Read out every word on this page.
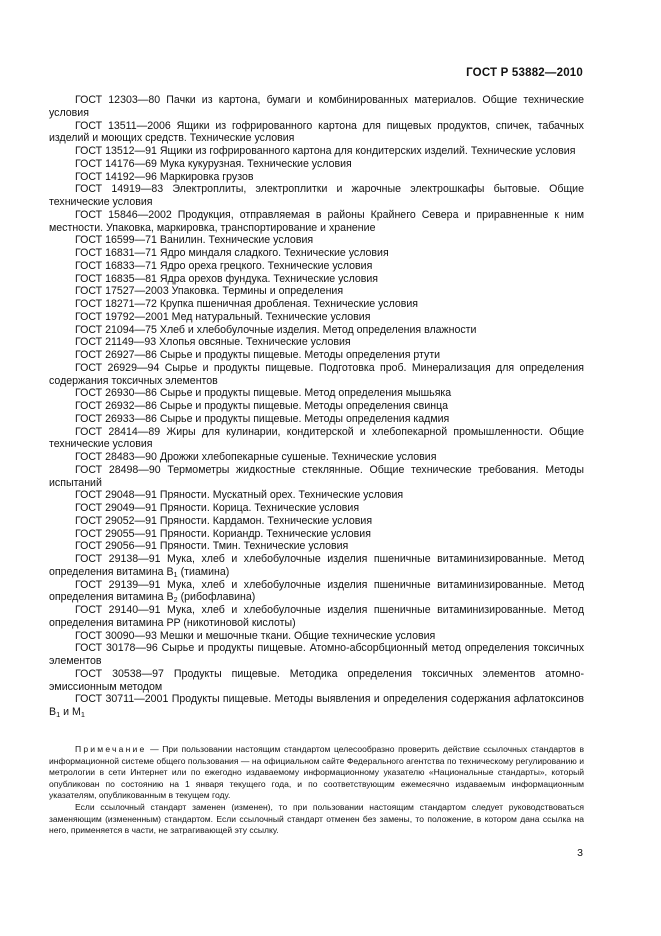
ГОСТ Р 53882—2010
ГОСТ 12303—80 Пачки из картона, бумаги и комбинированных материалов. Общие технические условия
ГОСТ 13511—2006 Ящики из гофрированного картона для пищевых продуктов, спичек, табачных изделий и моющих средств. Технические условия
ГОСТ 13512—91 Ящики из гофрированного картона для кондитерских изделий. Технические условия
ГОСТ 14176—69 Мука кукурузная. Технические условия
ГОСТ 14192—96 Маркировка грузов
ГОСТ 14919—83 Электроплиты, электроплитки и жарочные электрошкафы бытовые. Общие технические условия
ГОСТ 15846—2002 Продукция, отправляемая в районы Крайнего Севера и приравненные к ним местности. Упаковка, маркировка, транспортирование и хранение
ГОСТ 16599—71 Ванилин. Технические условия
ГОСТ 16831—71 Ядро миндаля сладкого. Технические условия
ГОСТ 16833—71 Ядро ореха грецкого. Технические условия
ГОСТ 16835—81 Ядра орехов фундука. Технические условия
ГОСТ 17527—2003 Упаковка. Термины и определения
ГОСТ 18271—72 Крупка пшеничная дробленая. Технические условия
ГОСТ 19792—2001 Мед натуральный. Технические условия
ГОСТ 21094—75 Хлеб и хлебобулочные изделия. Метод определения влажности
ГОСТ 21149—93 Хлопья овсяные. Технические условия
ГОСТ 26927—86 Сырье и продукты пищевые. Методы определения ртути
ГОСТ 26929—94 Сырье и продукты пищевые. Подготовка проб. Минерализация для определения содержания токсичных элементов
ГОСТ 26930—86 Сырье и продукты пищевые. Метод определения мышьяка
ГОСТ 26932—86 Сырье и продукты пищевые. Методы определения свинца
ГОСТ 26933—86 Сырье и продукты пищевые. Методы определения кадмия
ГОСТ 28414—89 Жиры для кулинарии, кондитерской и хлебопекарной промышленности. Общие технические условия
ГОСТ 28483—90 Дрожжи хлебопекарные сушеные. Технические условия
ГОСТ 28498—90 Термометры жидкостные стеклянные. Общие технические требования. Методы испытаний
ГОСТ 29048—91 Пряности. Мускатный орех. Технические условия
ГОСТ 29049—91 Пряности. Корица. Технические условия
ГОСТ 29052—91 Пряности. Кардамон. Технические условия
ГОСТ 29055—91 Пряности. Кориандр. Технические условия
ГОСТ 29056—91 Пряности. Тмин. Технические условия
ГОСТ 29138—91 Мука, хлеб и хлебобулочные изделия пшеничные витаминизированные. Метод определения витамина $B_1$ (тиамина)
ГОСТ 29139—91 Мука, хлеб и хлебобулочные изделия пшеничные витаминизированные. Метод определения витамина $B_2$ (рибофлавина)
ГОСТ 29140—91 Мука, хлеб и хлебобулочные изделия пшеничные витаминизированные. Метод определения витамина PP (никотиновой кислоты)
ГОСТ 30090—93 Мешки и мешочные ткани. Общие технические условия
ГОСТ 30178—96 Сырье и продукты пищевые. Атомно-абсорбционный метод определения токсичных элементов
ГОСТ 30538—97 Продукты пищевые. Методика определения токсичных элементов атомно-эмиссионным методом
ГОСТ 30711—2001 Продукты пищевые. Методы выявления и определения содержания афлатоксинов $B_1$ и $M_1$

Примечание — При пользовании настоящим стандартом целесообразно проверить действие ссылочных стандартов в информационной системе общего пользования — на официальном сайте Федерального агентства по техническому регулированию и метрологии в сети Интернет или по ежегодно издаваемому информационному указателю «Национальные стандарты», который опубликован по состоянию на 1 января текущего года, и по соответствующим ежемесячно издаваемым информационным указателям, опубликованным в текущем году.

Если ссылочный стандарт заменен (изменен), то при пользовании настоящим стандартом следует руководствоваться заменяющим (измененным) стандартом. Если ссылочный стандарт отменен без замены, то положение, в котором дана ссылка на него, применяется в части, не затрагивающей эту ссылку.

3
